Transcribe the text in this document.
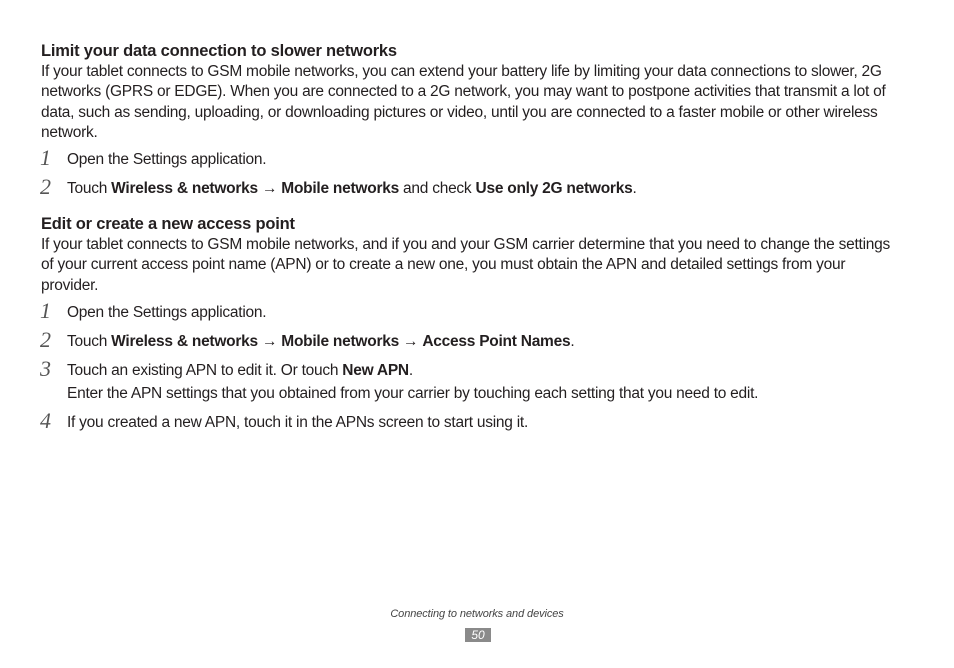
Limit your data connection to slower networks

If your tablet connects to GSM mobile networks, you can extend your battery life by limiting your data connections to slower, 2G networks (GPRS or EDGE). When you are connected to a 2G network, you may want to postpone activities that transmit a lot of data, such as sending, uploading, or downloading pictures or video, until you are connected to a faster mobile or other wireless network.

1 Open the Settings application.
2 Touch Wireless & networks → Mobile networks and check Use only 2G networks.
Edit or create a new access point

If your tablet connects to GSM mobile networks, and if you and your GSM carrier determine that you need to change the settings of your current access point name (APN) or to create a new one, you must obtain the APN and detailed settings from your provider.

1 Open the Settings application.
2 Touch Wireless & networks → Mobile networks → Access Point Names.
3 Touch an existing APN to edit it. Or touch New APN.
Enter the APN settings that you obtained from your carrier by touching each setting that you need to edit.
4 If you created a new APN, touch it in the APNs screen to start using it.
Connecting to networks and devices
50
